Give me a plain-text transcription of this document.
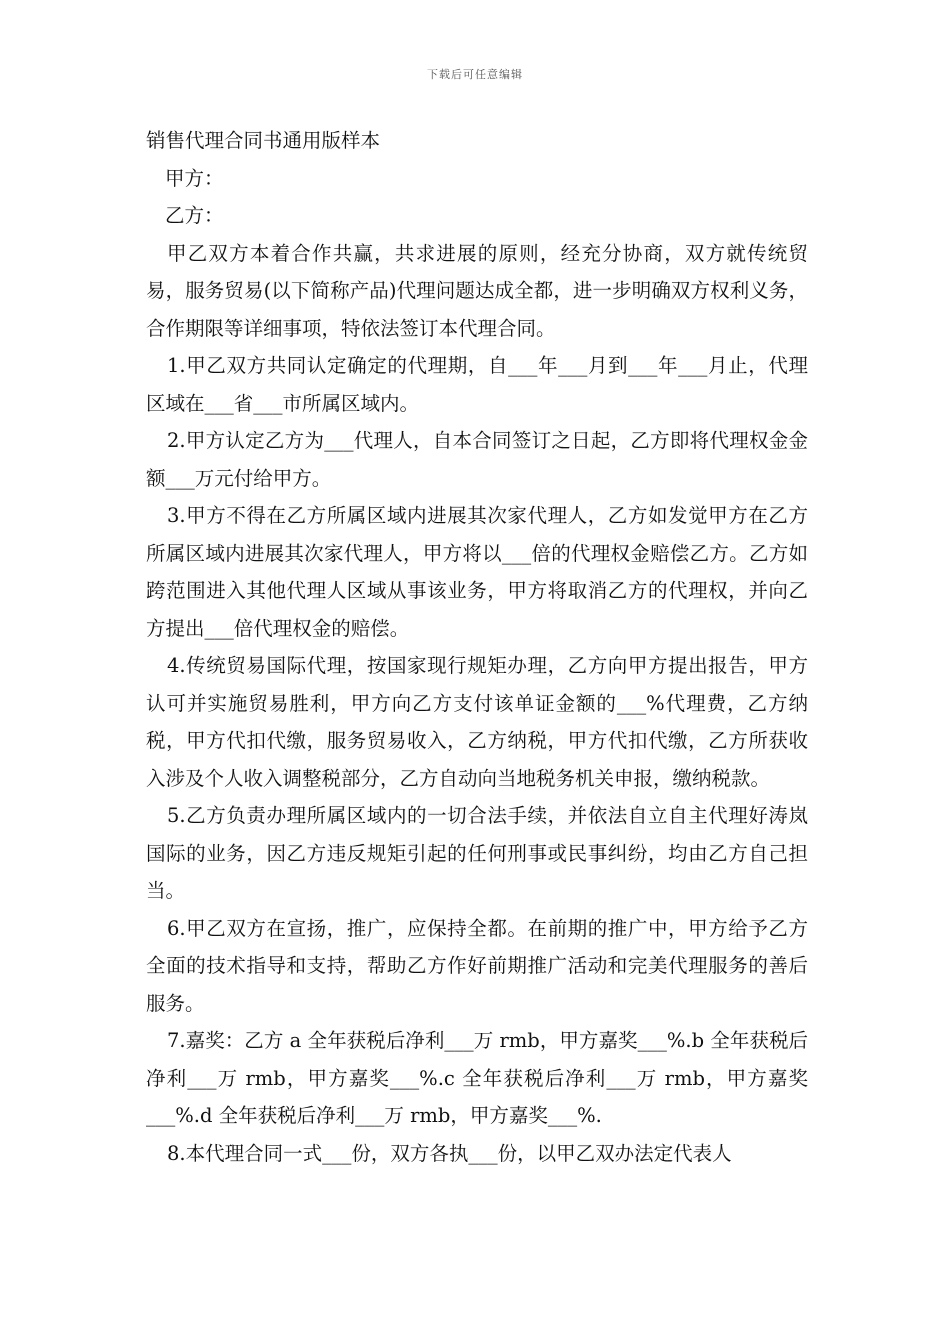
下载后可任意编辑
销售代理合同书通用版样本

甲方：

乙方：

甲乙双方本着合作共赢，共求进展的原则，经充分协商，双方就传统贸易，服务贸易(以下简称产品)代理问题达成全都，进一步明确双方权利义务，合作期限等详细事项，特依法签订本代理合同。

1.甲乙双方共同认定确定的代理期，自___年___月到___年___月止，代理区域在___省___市所属区域内。

2.甲方认定乙方为___代理人，自本合同签订之日起，乙方即将代理权金金额___万元付给甲方。

3.甲方不得在乙方所属区域内进展其次家代理人，乙方如发觉甲方在乙方所属区域内进展其次家代理人，甲方将以___倍的代理权金赔偿乙方。乙方如跨范围进入其他代理人区域从事该业务，甲方将取消乙方的代理权，并向乙方提出___倍代理权金的赔偿。

4.传统贸易国际代理，按国家现行规矩办理，乙方向甲方提出报告，甲方认可并实施贸易胜利，甲方向乙方支付该单证金额的___%代理费，乙方纳税，甲方代扣代缴，服务贸易收入，乙方纳税，甲方代扣代缴，乙方所获收入涉及个人收入调整税部分，乙方自动向当地税务机关申报，缴纳税款。

5.乙方负责办理所属区域内的一切合法手续，并依法自立自主代理好涛岚国际的业务，因乙方违反规矩引起的任何刑事或民事纠纷，均由乙方自己担当。

6.甲乙双方在宣扬，推广，应保持全都。在前期的推广中，甲方给予乙方全面的技术指导和支持，帮助乙方作好前期推广活动和完美代理服务的善后服务。

7.嘉奖：乙方 a 全年获税后净利___万 rmb，甲方嘉奖___%.b 全年获税后净利___万 rmb，甲方嘉奖___%.c 全年获税后净利___万 rmb，甲方嘉奖___%.d 全年获税后净利___万 rmb，甲方嘉奖___%.

8.本代理合同一式___份，双方各执___份，以甲乙双办法定代表人
